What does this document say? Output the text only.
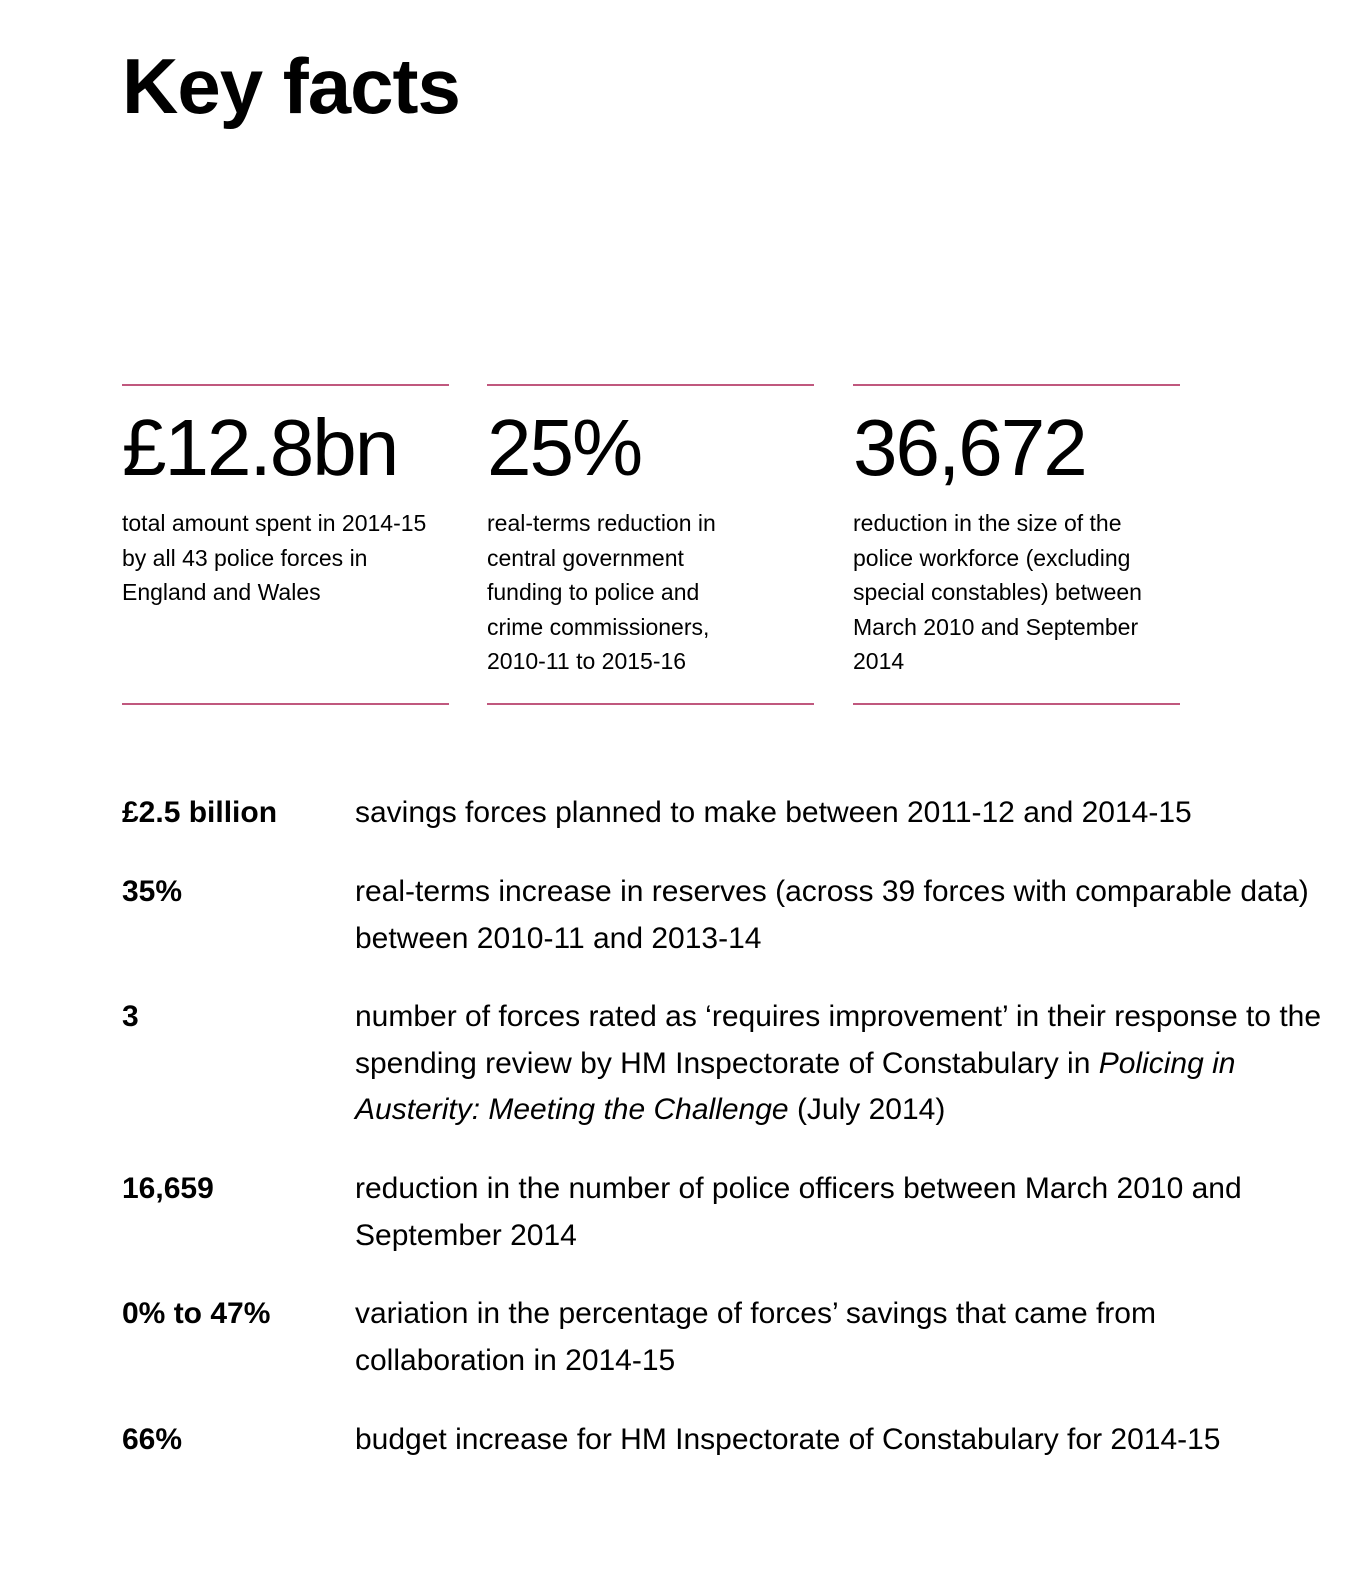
Key facts
£12.8bn
total amount spent in 2014-15 by all 43 police forces in England and Wales
25%
real-terms reduction in central government funding to police and crime commissioners, 2010-11 to 2015-16
36,672
reduction in the size of the police workforce (excluding special constables) between March 2010 and September 2014
£2.5 billion	savings forces planned to make between 2011-12 and 2014-15
35%	real-terms increase in reserves (across 39 forces with comparable data) between 2010-11 and 2013-14
3	number of forces rated as ‘requires improvement’ in their response to the spending review by HM Inspectorate of Constabulary in Policing in Austerity: Meeting the Challenge (July 2014)
16,659	reduction in the number of police officers between March 2010 and September 2014
0% to 47%	variation in the percentage of forces’ savings that came from collaboration in 2014-15
66%	budget increase for HM Inspectorate of Constabulary for 2014-15
